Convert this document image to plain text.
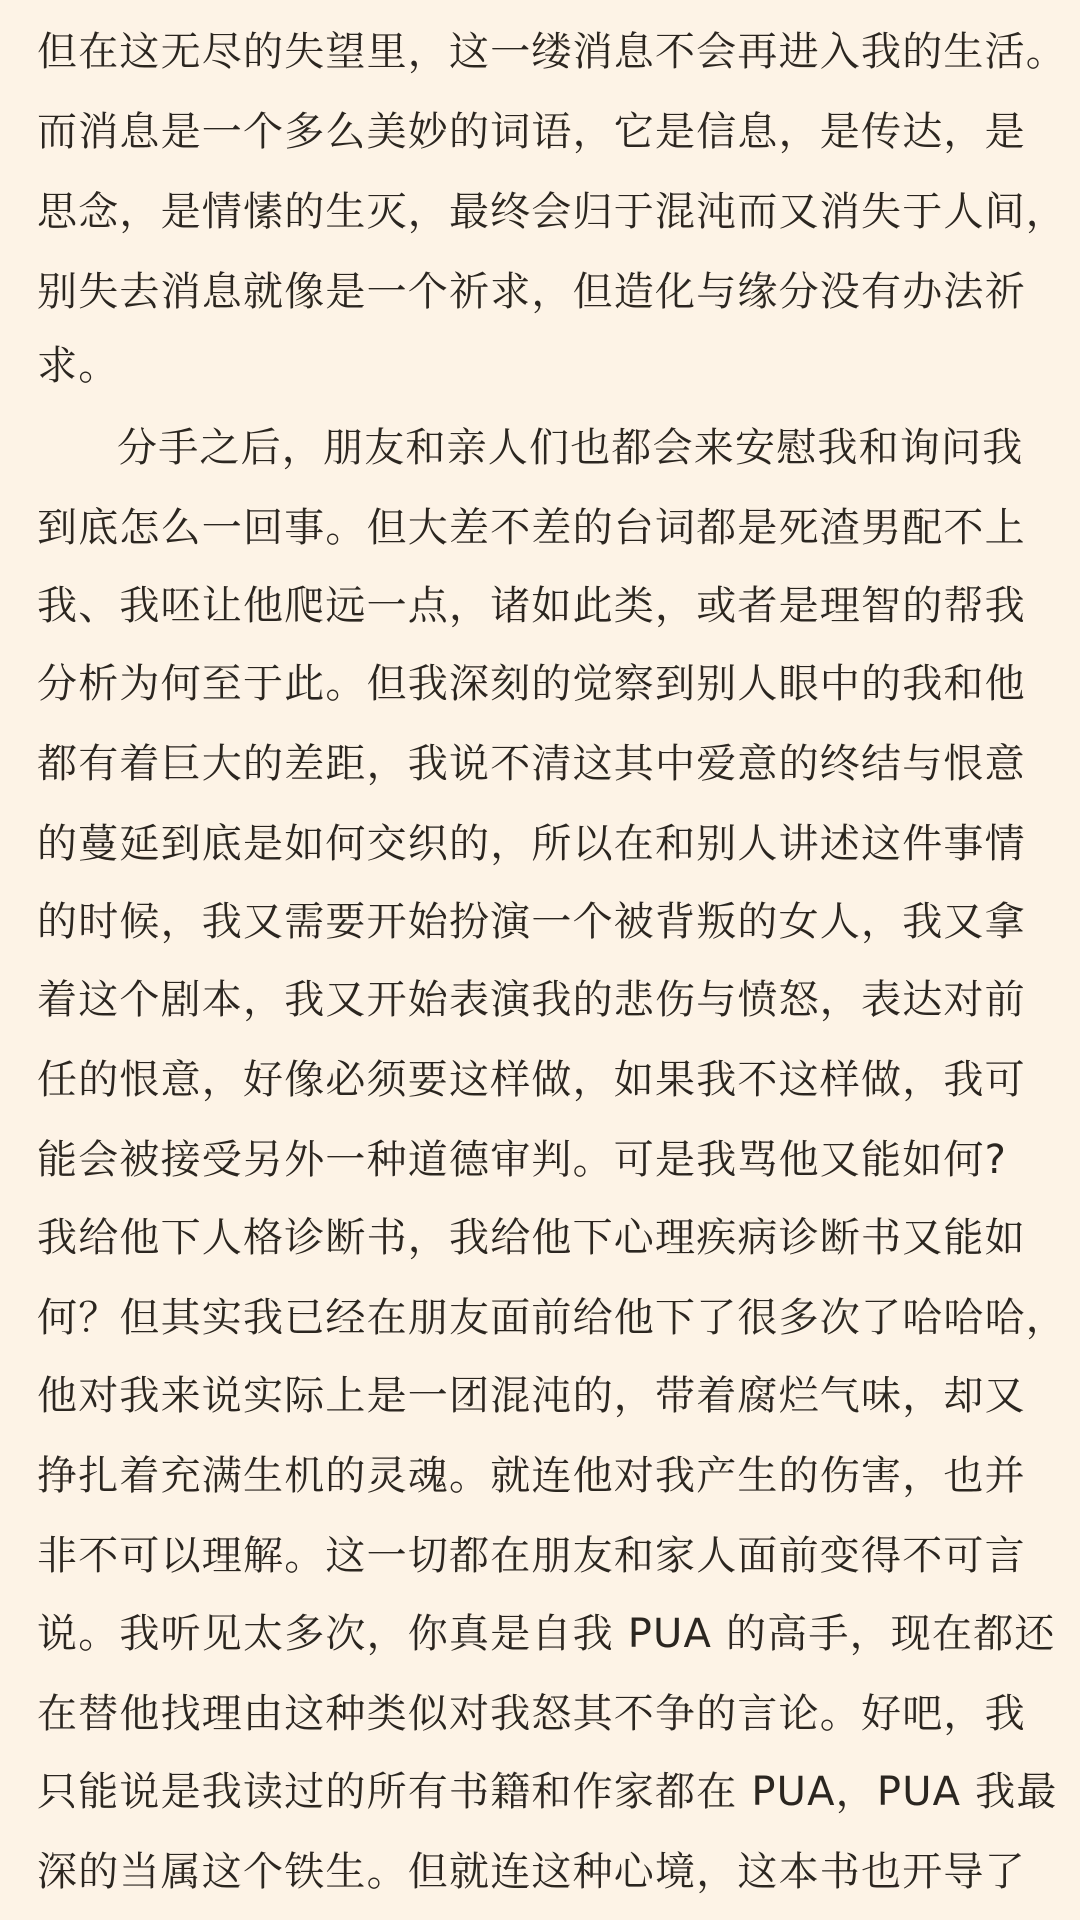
但在这无尽的失望里，这一缕消息不会再进入我的生活。
而消息是一个多么美妙的词语，它是信息，是传达，是
思念，是情愫的生灭，最终会归于混沌而又消失于人间，
别失去消息就像是一个祈求，但造化与缘分没有办法祈
求。
分手之后，朋友和亲人们也都会来安慰我和询问我
到底怎么一回事。但大差不差的台词都是死渣男配不上
我、我呸让他爬远一点，诸如此类，或者是理智的帮我
分析为何至于此。但我深刻的觉察到别人眼中的我和他
都有着巨大的差距，我说不清这其中爱意的终结与恨意
的蔓延到底是如何交织的，所以在和别人讲述这件事情
的时候，我又需要开始扮演一个被背叛的女人，我又拿
着这个剧本，我又开始表演我的悲伤与愤怒，表达对前
任的恨意，好像必须要这样做，如果我不这样做，我可
能会被接受另外一种道德审判。可是我骂他又能如何?
我给他下人格诊断书，我给他下心理疾病诊断书又能如
何？但其实我已经在朋友面前给他下了很多次了哈哈哈，
他对我来说实际上是一团混沌的，带着腐烂气味，却又
挣扎着充满生机的灵魂。就连他对我产生的伤害，也并
非不可以理解。这一切都在朋友和家人面前变得不可言
说。我听见太多次，你真是自我 PUA 的高手，现在都还
在替他找理由这种类似对我怒其不争的言论。好吧，我
只能说是我读过的所有书籍和作家都在 PUA，PUA 我最
深的当属这个铁生。但就连这种心境，这本书也开导了
